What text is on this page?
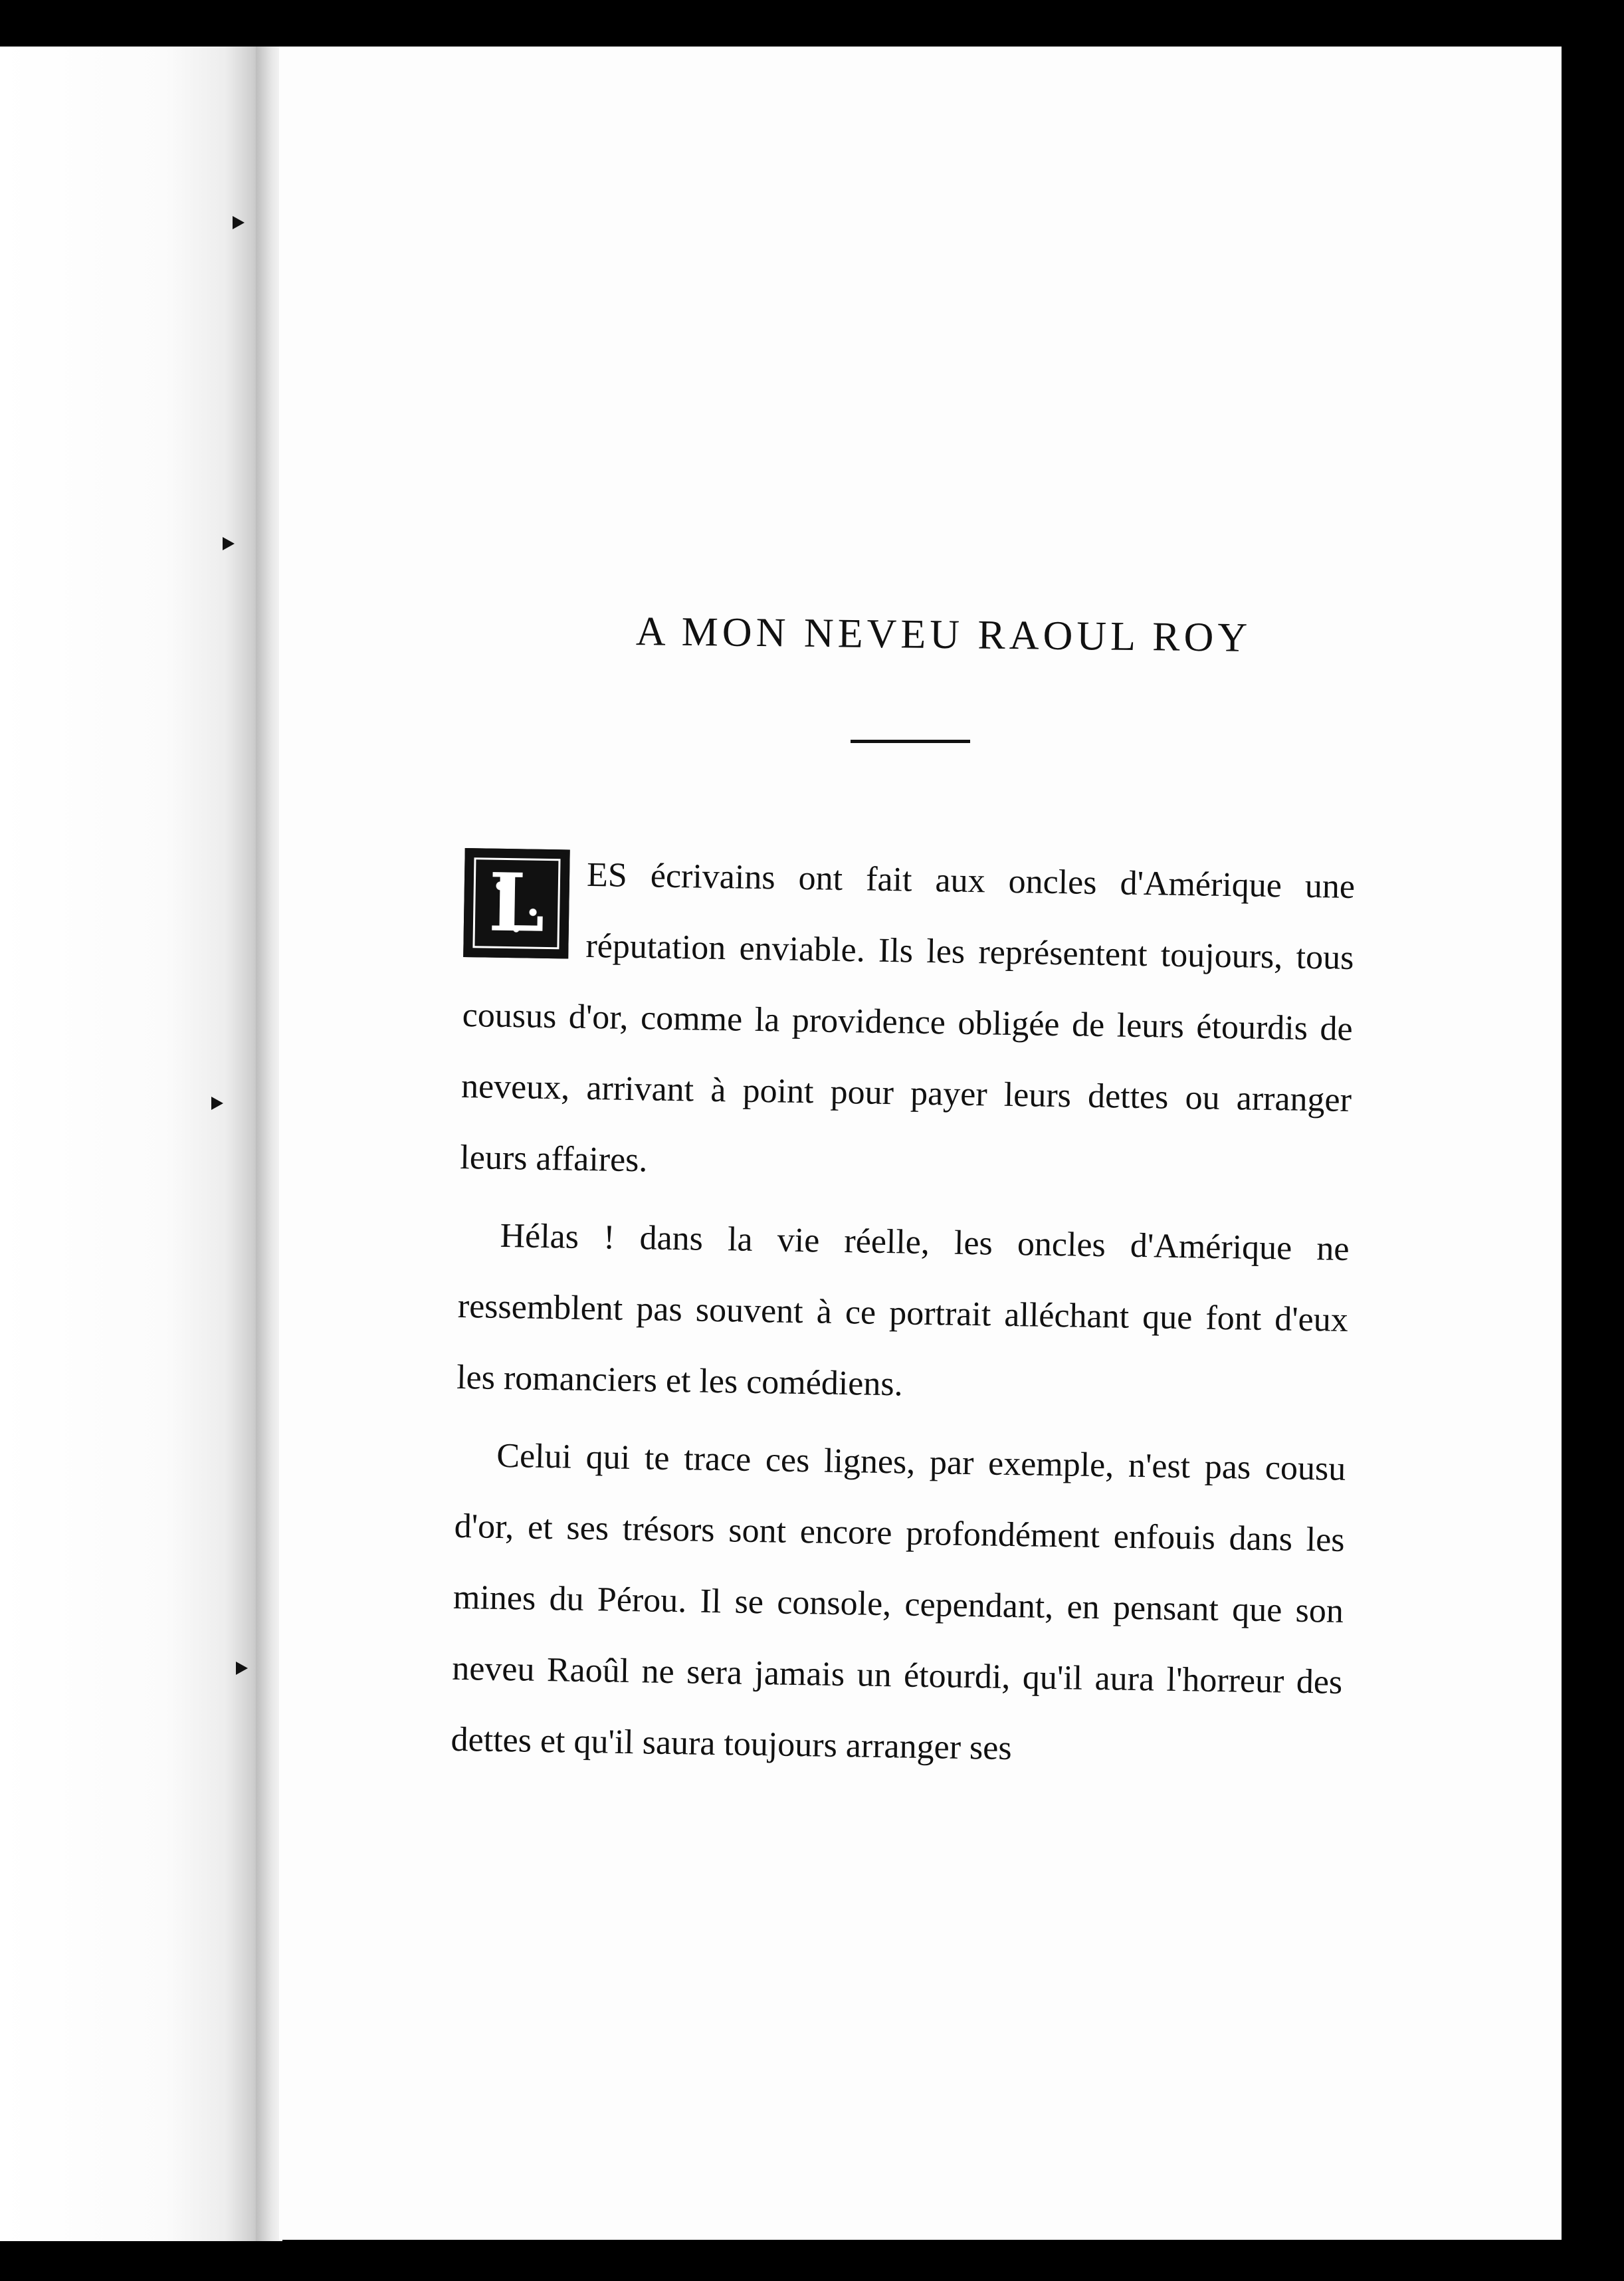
A MON NEVEU RAOUL ROY

L	ES écrivains ont fait aux oncles d'Amérique une réputation enviable. Ils les représentent toujours, tous cousus d'or, comme la providence obligée de leurs étourdis de neveux, arrivant à point pour payer leurs dettes ou arranger leurs affaires.

Hélas ! dans la vie réelle, les oncles d'Amérique ne ressemblent pas souvent à ce portrait alléchant que font d'eux les romanciers et les comédiens.

Celui qui te trace ces lignes, par exemple, n'est pas cousu d'or, et ses trésors sont encore profondément enfouis dans les mines du Pérou. Il se console, cependant, en pensant que son neveu Raoûl ne sera jamais un étourdi, qu'il aura l'horreur des dettes et qu'il saura toujours arranger ses
